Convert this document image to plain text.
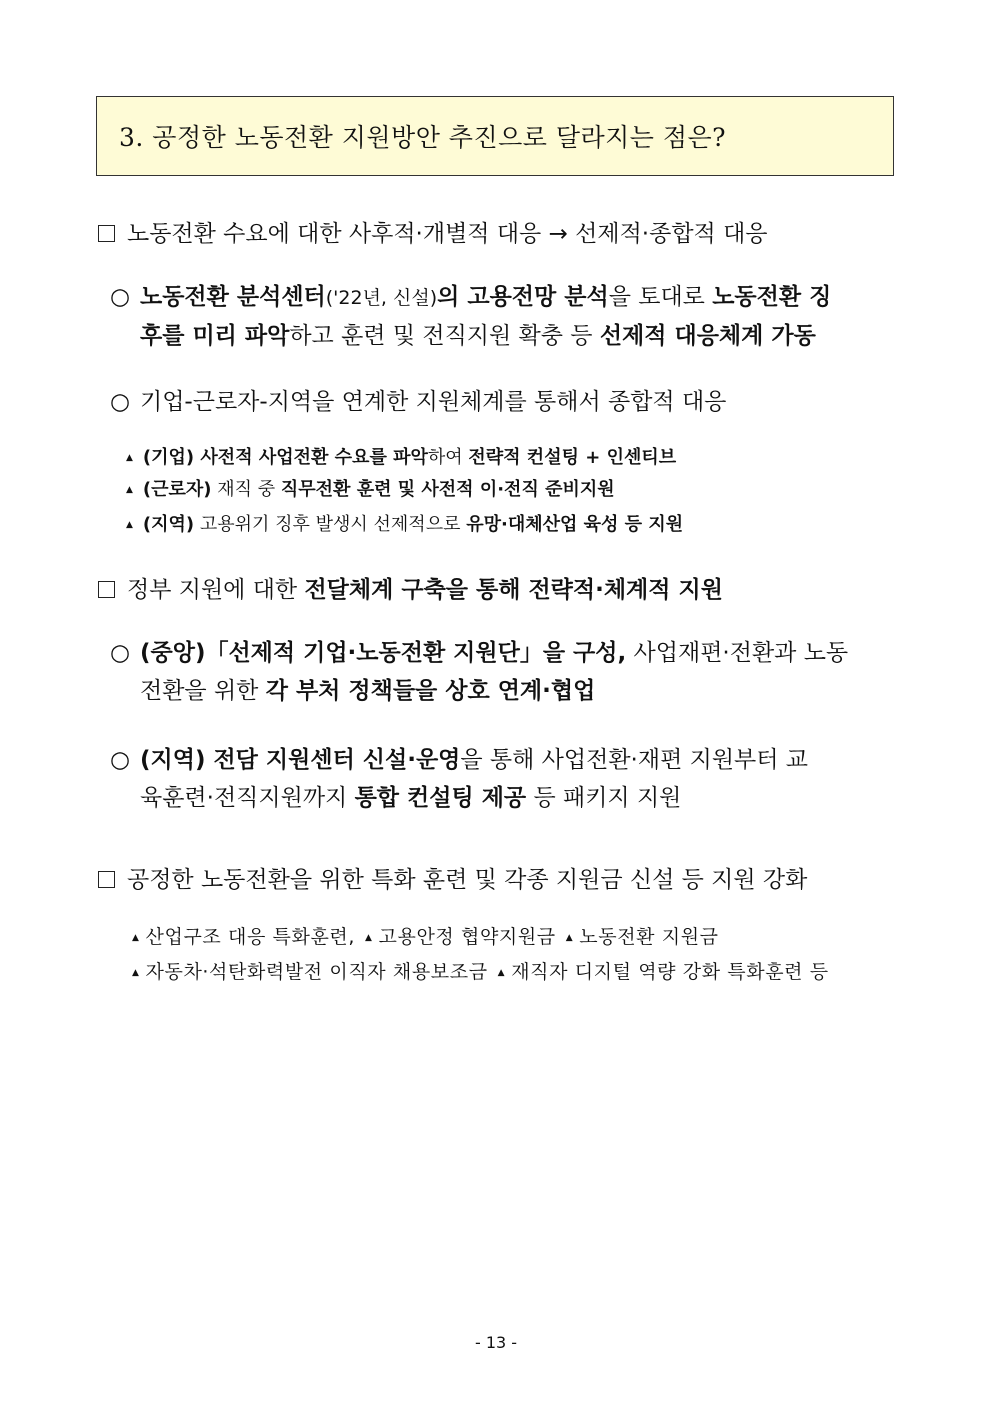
3. 공정한 노동전환 지원방안 추진으로 달라지는 점은?
노동전환 수요에 대한 사후적·개별적 대응 → 선제적·종합적 대응
○ 노동전환 분석센터('22년, 신설)의 고용전망 분석을 토대로 노동전환 징
후를 미리 파악하고 훈련 및 전직지원 확충 등 선제적 대응체계 가동
○ 기업-근로자-지역을 연계한 지원체계를 통해서 종합적 대응
▲ (기업) 사전적 사업전환 수요를 파악하여 전략적 컨설팅 + 인센티브
▲ (근로자) 재직 중 직무전환 훈련 및 사전적 이·전직 준비지원
▲ (지역) 고용위기 징후 발생시 선제적으로 유망·대체산업 육성 등 지원
정부 지원에 대한 전달체계 구축을 통해 전략적·체계적 지원
○ (중앙)「선제적 기업·노동전환 지원단」을 구성, 사업재편·전환과 노동
전환을 위한 각 부처 정책들을 상호 연계·협업
○ (지역) 전담 지원센터 신설·운영을 통해 사업전환·재편 지원부터 교
육훈련·전직지원까지 통합 컨설팅 제공 등 패키지 지원
공정한 노동전환을 위한 특화 훈련 및 각종 지원금 신설 등 지원 강화
▲ 산업구조 대응 특화훈련, ▲ 고용안정 협약지원금 ▲ 노동전환 지원금
▲ 자동차·석탄화력발전 이직자 채용보조금 ▲ 재직자 디지털 역량 강화 특화훈련 등
- 13 -
